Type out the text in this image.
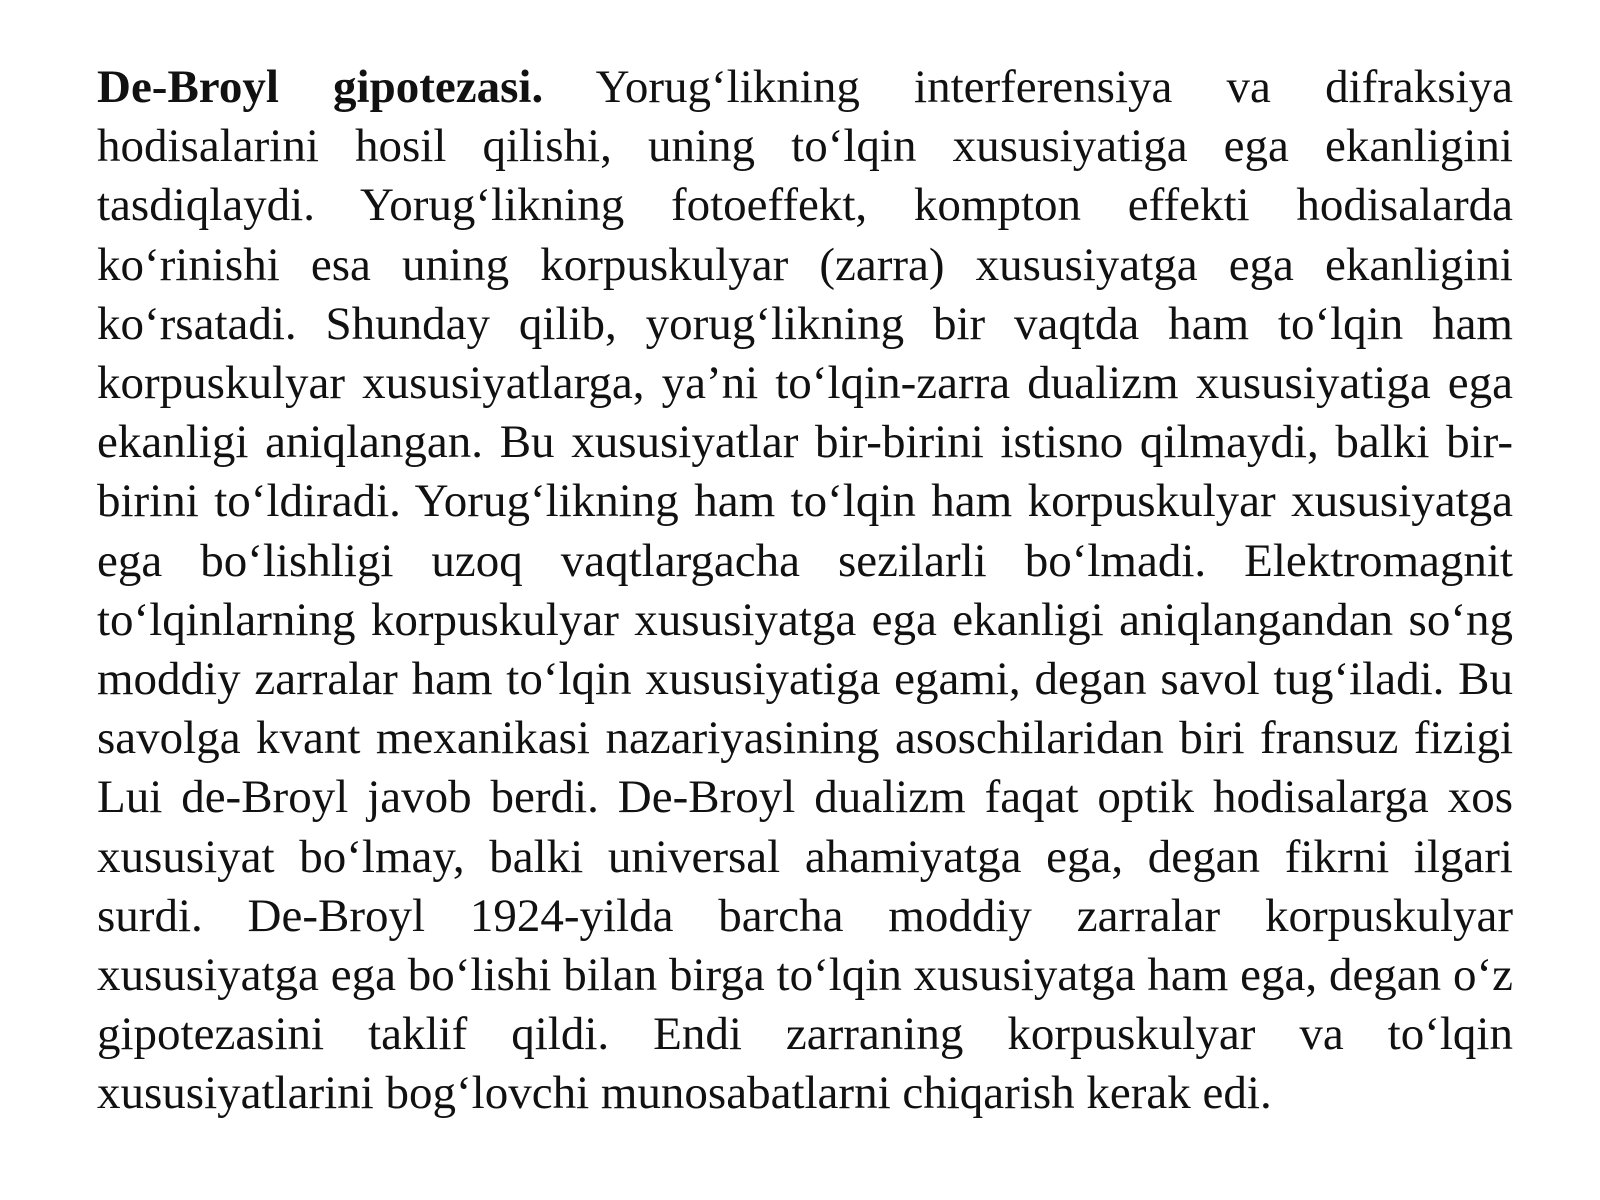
De-Broyl gipotezasi. Yorug‘likning interferensiya va difraksiya hodisalarini hosil qilishi, uning to‘lqin xususiyatiga ega ekanligini tasdiqlaydi. Yorug‘likning fotoeffekt, kompton effekti hodisalarda ko‘rinishi esa uning korpuskulyar (zarra) xususiyatga ega ekanligini ko‘rsatadi. Shunday qilib, yorug‘likning bir vaqtda ham to‘lqin ham korpuskulyar xususiyatlarga, ya’ni to‘lqin-zarra dualizm xususiyatiga ega ekanligi aniqlangan. Bu xususiyatlar bir-birini istisno qilmaydi, balki bir-birini to‘ldiradi. Yorug‘likning ham to‘lqin ham korpuskulyar xususiyatga ega bo‘lishligi uzoq vaqtlargacha sezilarli bo‘lmadi. Elektromagnit to‘lqinlarning korpuskulyar xususiyatga ega ekanligi aniqlangandan so‘ng moddiy zarralar ham to‘lqin xususiyatiga egami, degan savol tug‘iladi. Bu savolga kvant mexanikasi nazariyasining asoschilaridan biri fransuz fizigi Lui de-Broyl javob berdi. De-Broyl dualizm faqat optik hodisalarga xos xususiyat bo‘lmay, balki universal ahamiyatga ega, degan fikrni ilgari surdi. De-Broyl 1924-yilda barcha moddiy zarralar korpuskulyar xususiyatga ega bo‘lishi bilan birga to‘lqin xususiyatga ham ega, degan o‘z gipotezasini taklif qildi. Endi zarraning korpuskulyar va to‘lqin xususiyatlarini bog‘lovchi munosabatlarni chiqarish kerak edi.
